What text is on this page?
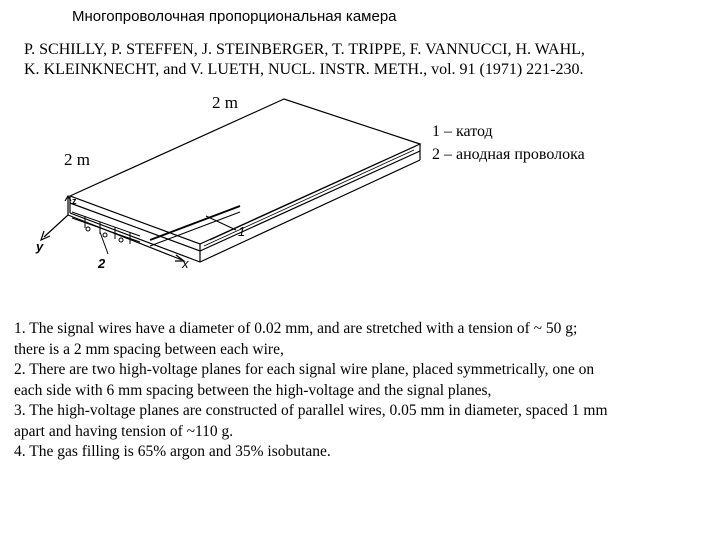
Многопроволочная пропорциональная камера
P. SCHILLY, P. STEFFEN, J. STEINBERGER, T. TRIPPE, F. VANNUCCI, H. WAHL,
K. KLEINKNECHT, and V. LUETH, NUCL. INSTR. METH., vol. 91 (1971) 221-230.
2 m
2 m
z
y
x
1
2
1 – катод
2 – анодная проволока

1. The signal wires have a diameter of 0.02 mm, and are stretched with a tension of ~ 50 g;

there is a 2 mm spacing between each wire,

2. There are two high-voltage planes for each signal wire plane, placed symmetrically, one on

each side with 6 mm spacing between the high-voltage and the signal planes,

3. The high-voltage planes are constructed of parallel wires, 0.05 mm in diameter, spaced 1 mm

apart and having tension of ~110 g.

4. The gas filling is 65% argon and 35% isobutane.
